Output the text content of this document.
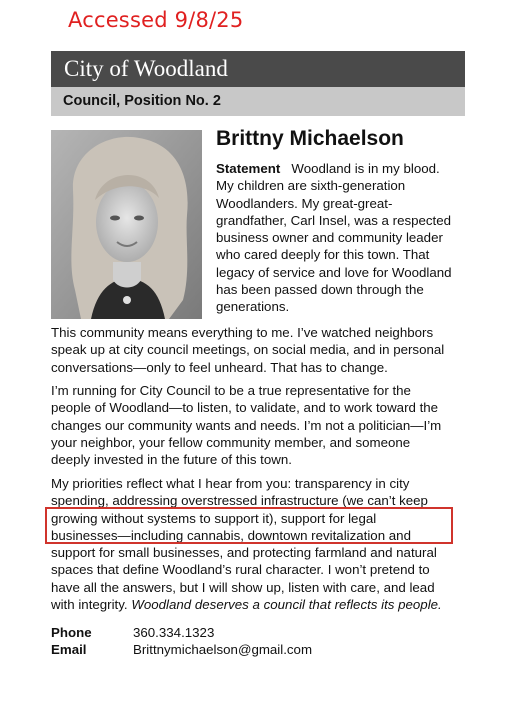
Accessed 9/8/25
City of Woodland
Council, Position No. 2
Brittny Michaelson
Statement Woodland is in my blood.
My children are sixth-generation
Woodlanders. My great-great-
grandfather, Carl Insel, was a respected
business owner and community leader
who cared deeply for this town. That
legacy of service and love for Woodland
has been passed down through the
generations.
This community means everything to me. I’ve watched neighbors
speak up at city council meetings, on social media, and in personal
conversations—only to feel unheard. That has to change.
I’m running for City Council to be a true representative for the
people of Woodland—to listen, to validate, and to work toward the
changes our community wants and needs. I’m not a politician—I’m
your neighbor, your fellow community member, and someone
deeply invested in the future of this town.
My priorities reflect what I hear from you: transparency in city
spending, addressing overstressed infrastructure (we can’t keep
growing without systems to support it), support for legal
businesses—including cannabis, downtown revitalization and
support for small businesses, and protecting farmland and natural
spaces that define Woodland’s rural character. I won’t pretend to
have all the answers, but I will show up, listen with care, and lead
with integrity. Woodland deserves a council that reflects its people.
Phone	360.334.1323
Email	Brittnymichaelson@gmail.com
